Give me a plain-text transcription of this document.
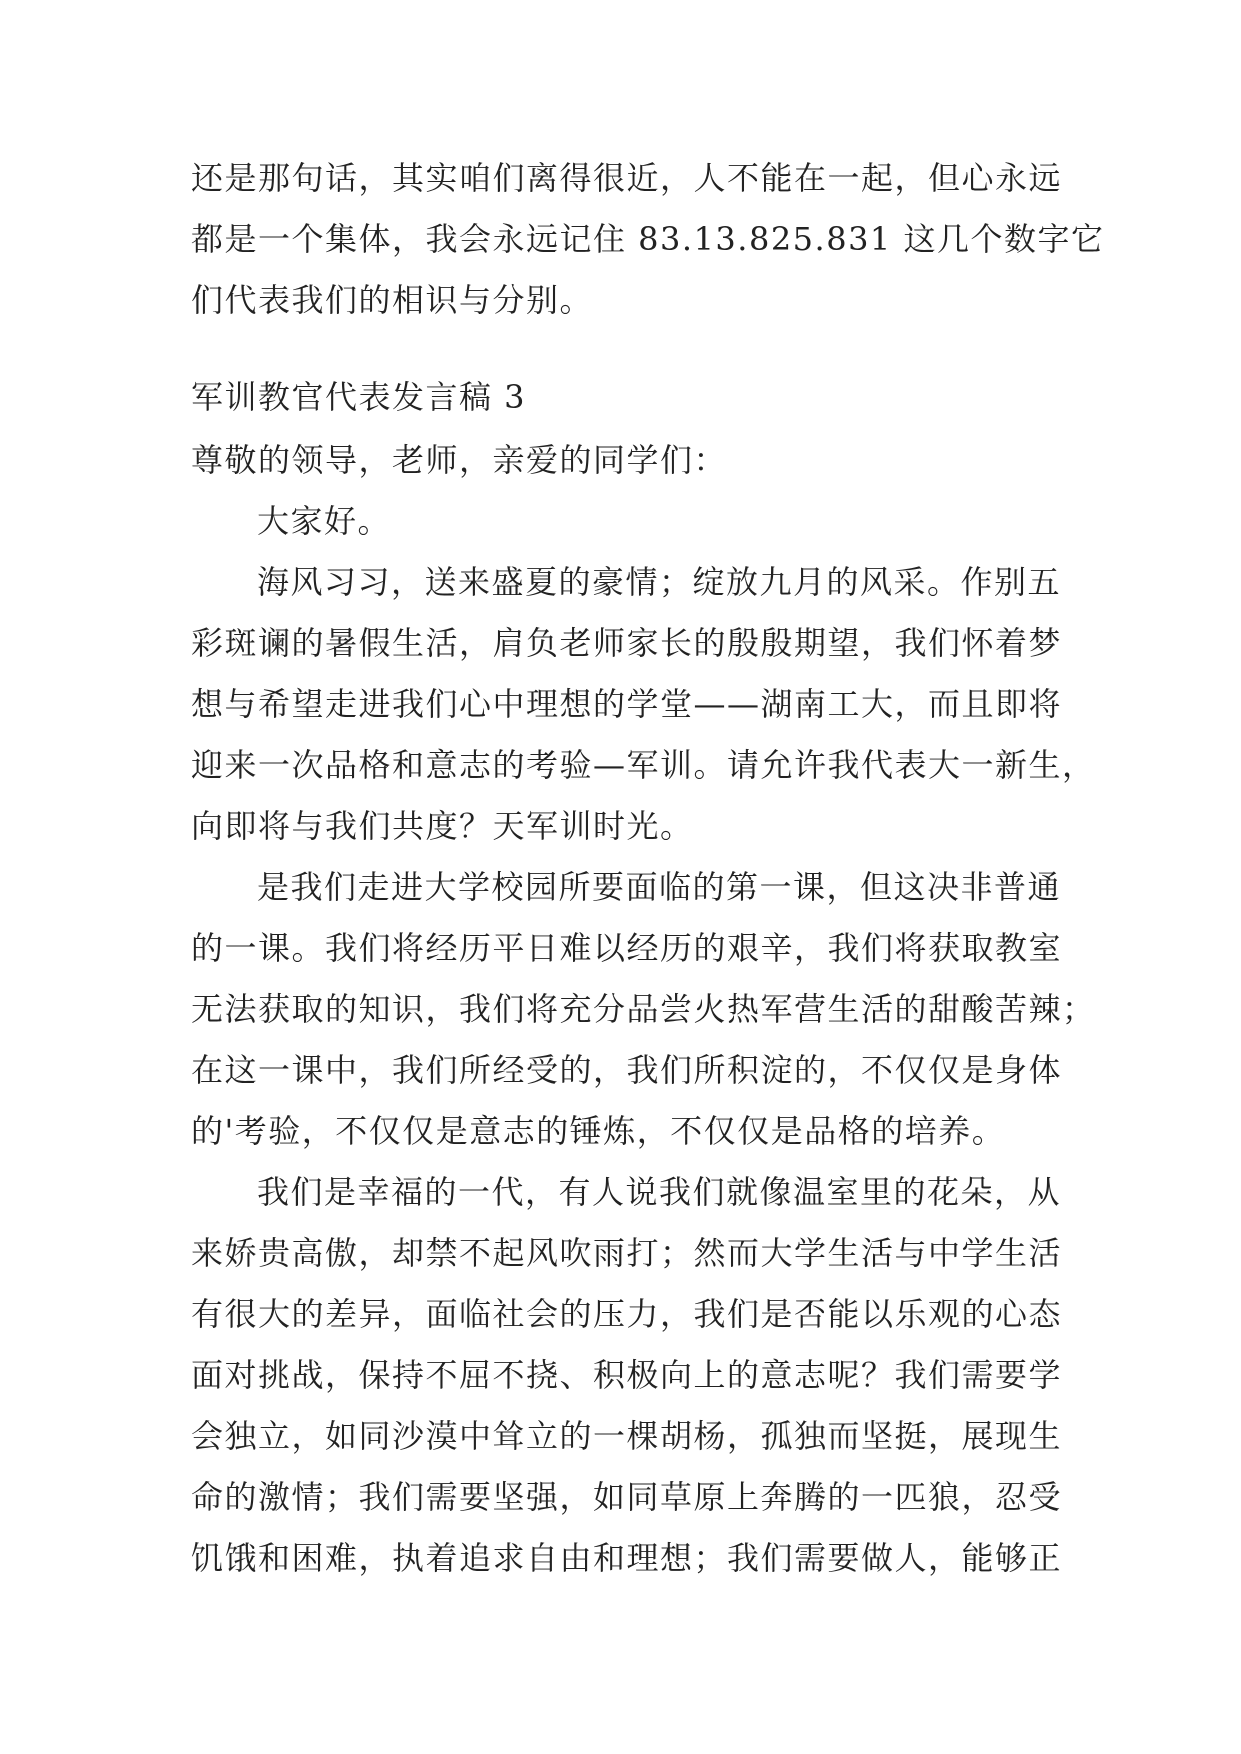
还是那句话，其实咱们离得很近，人不能在一起，但心永远
都是一个集体，我会永远记住 83.13.825.831 这几个数字它
们代表我们的相识与分别。
军训教官代表发言稿 3
尊敬的领导，老师，亲爱的同学们：
大家好。
海风习习，送来盛夏的豪情；绽放九月的风采。作别五
彩斑谰的暑假生活，肩负老师家长的殷殷期望，我们怀着梦
想与希望走进我们心中理想的学堂——湖南工大，而且即将
迎来一次品格和意志的考验—军训。请允许我代表大一新生，
向即将与我们共度？天军训时光。
是我们走进大学校园所要面临的第一课，但这决非普通
的一课。我们将经历平日难以经历的艰辛，我们将获取教室
无法获取的知识，我们将充分品尝火热军营生活的甜酸苦辣；
在这一课中，我们所经受的，我们所积淀的，不仅仅是身体
的'考验，不仅仅是意志的锤炼，不仅仅是品格的培养。
我们是幸福的一代，有人说我们就像温室里的花朵，从
来娇贵高傲，却禁不起风吹雨打；然而大学生活与中学生活
有很大的差异，面临社会的压力，我们是否能以乐观的心态
面对挑战，保持不屈不挠、积极向上的意志呢？我们需要学
会独立，如同沙漠中耸立的一棵胡杨，孤独而坚挺，展现生
命的激情；我们需要坚强，如同草原上奔腾的一匹狼，忍受
饥饿和困难，执着追求自由和理想；我们需要做人，能够正
